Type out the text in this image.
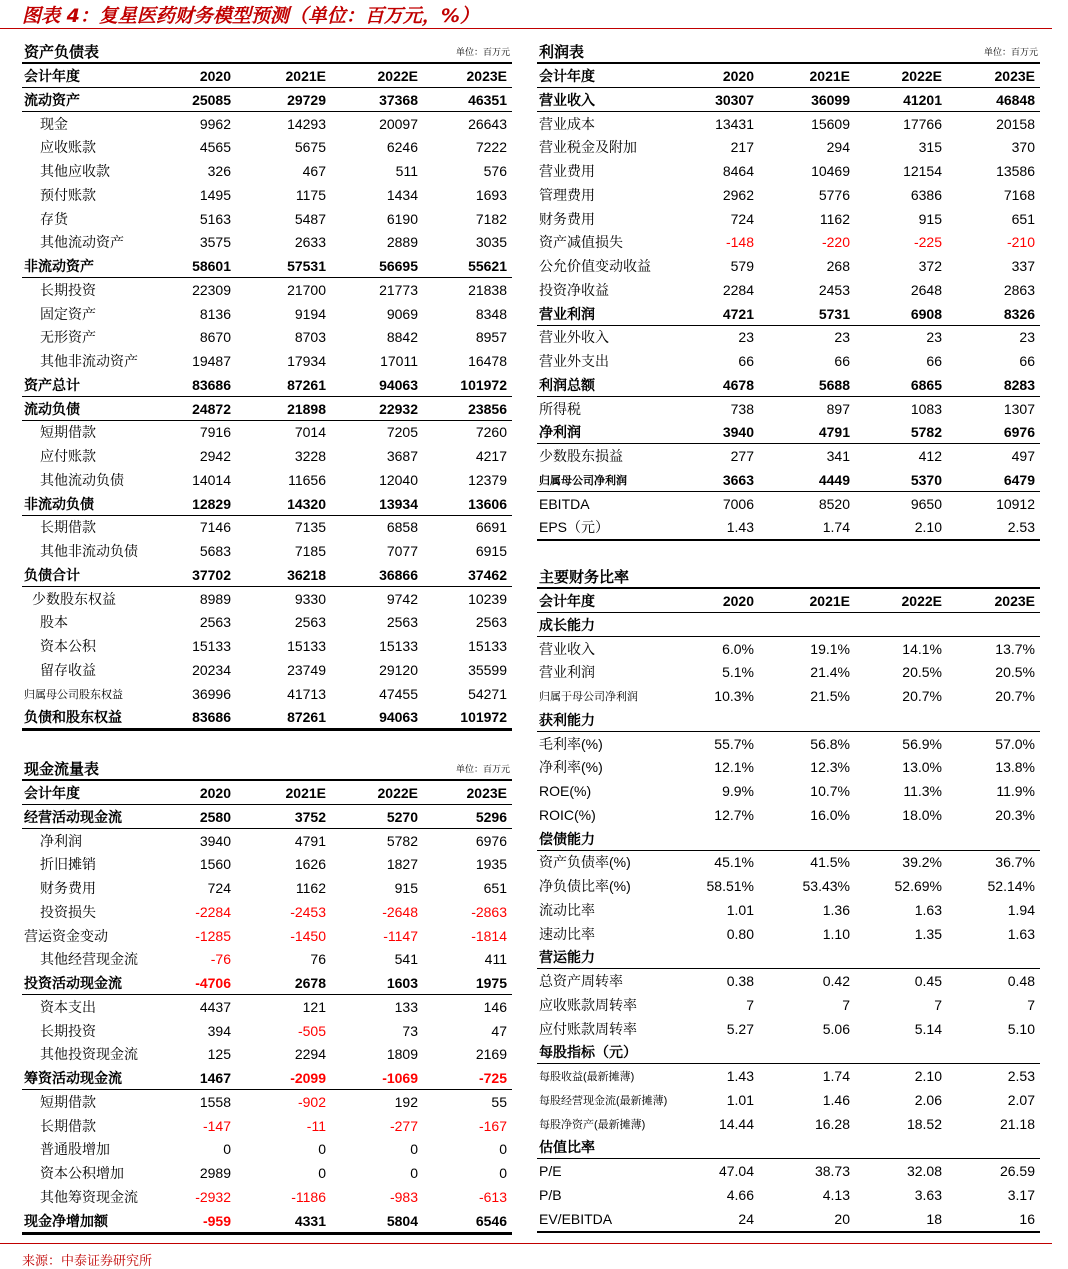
图表 4：复星医药财务模型预测（单位：百万元，%）
资产负债表	单位：百万元
会计年度	2020	2021E	2022E	2023E
流动资产	25085	29729	37368	46351
现金	9962	14293	20097	26643
应收账款	4565	5675	6246	7222
其他应收款	326	467	511	576
预付账款	1495	1175	1434	1693
存货	5163	5487	6190	7182
其他流动资产	3575	2633	2889	3035
非流动资产	58601	57531	56695	55621
长期投资	22309	21700	21773	21838
固定资产	8136	9194	9069	8348
无形资产	8670	8703	8842	8957
其他非流动资产	19487	17934	17011	16478
资产总计	83686	87261	94063	101972
流动负债	24872	21898	22932	23856
短期借款	7916	7014	7205	7260
应付账款	2942	3228	3687	4217
其他流动负债	14014	11656	12040	12379
非流动负债	12829	14320	13934	13606
长期借款	7146	7135	6858	6691
其他非流动负债	5683	7185	7077	6915
负债合计	37702	36218	36866	37462
少数股东权益	8989	9330	9742	10239
股本	2563	2563	2563	2563
资本公积	15133	15133	15133	15133
留存收益	20234	23749	29120	35599
归属母公司股东权益	36996	41713	47455	54271
负债和股东权益	83686	87261	94063	101972
现金流量表	单位：百万元
会计年度	2020	2021E	2022E	2023E
经营活动现金流	2580	3752	5270	5296
净利润	3940	4791	5782	6976
折旧摊销	1560	1626	1827	1935
财务费用	724	1162	915	651
投资损失	-2284	-2453	-2648	-2863
营运资金变动	-1285	-1450	-1147	-1814
其他经营现金流	-76	76	541	411
投资活动现金流	-4706	2678	1603	1975
资本支出	4437	121	133	146
长期投资	394	-505	73	47
其他投资现金流	125	2294	1809	2169
筹资活动现金流	1467	-2099	-1069	-725
短期借款	1558	-902	192	55
长期借款	-147	-11	-277	-167
普通股增加	0	0	0	0
资本公积增加	2989	0	0	0
其他筹资现金流	-2932	-1186	-983	-613
现金净增加额	-959	4331	5804	6546
利润表	单位：百万元
会计年度	2020	2021E	2022E	2023E
营业收入	30307	36099	41201	46848
营业成本	13431	15609	17766	20158
营业税金及附加	217	294	315	370
营业费用	8464	10469	12154	13586
管理费用	2962	5776	6386	7168
财务费用	724	1162	915	651
资产减值损失	-148	-220	-225	-210
公允价值变动收益	579	268	372	337
投资净收益	2284	2453	2648	2863
营业利润	4721	5731	6908	8326
营业外收入	23	23	23	23
营业外支出	66	66	66	66
利润总额	4678	5688	6865	8283
所得税	738	897	1083	1307
净利润	3940	4791	5782	6976
少数股东损益	277	341	412	497
归属母公司净利润	3663	4449	5370	6479
EBITDA	7006	8520	9650	10912
EPS（元）	1.43	1.74	2.10	2.53
主要财务比率
会计年度	2020	2021E	2022E	2023E
成长能力
营业收入	6.0%	19.1%	14.1%	13.7%
营业利润	5.1%	21.4%	20.5%	20.5%
归属于母公司净利润	10.3%	21.5%	20.7%	20.7%
获利能力
毛利率(%)	55.7%	56.8%	56.9%	57.0%
净利率(%)	12.1%	12.3%	13.0%	13.8%
ROE(%)	9.9%	10.7%	11.3%	11.9%
ROIC(%)	12.7%	16.0%	18.0%	20.3%
偿债能力
资产负债率(%)	45.1%	41.5%	39.2%	36.7%
净负债比率(%)	58.51%	53.43%	52.69%	52.14%
流动比率	1.01	1.36	1.63	1.94
速动比率	0.80	1.10	1.35	1.63
营运能力
总资产周转率	0.38	0.42	0.45	0.48
应收账款周转率	7	7	7	7
应付账款周转率	5.27	5.06	5.14	5.10
每股指标（元）
每股收益(最新摊薄)	1.43	1.74	2.10	2.53
每股经营现金流(最新摊薄)	1.01	1.46	2.06	2.07
每股净资产(最新摊薄)	14.44	16.28	18.52	21.18
估值比率
P/E	47.04	38.73	32.08	26.59
P/B	4.66	4.13	3.63	3.17
EV/EBITDA	24	20	18	16
来源：中泰证券研究所
